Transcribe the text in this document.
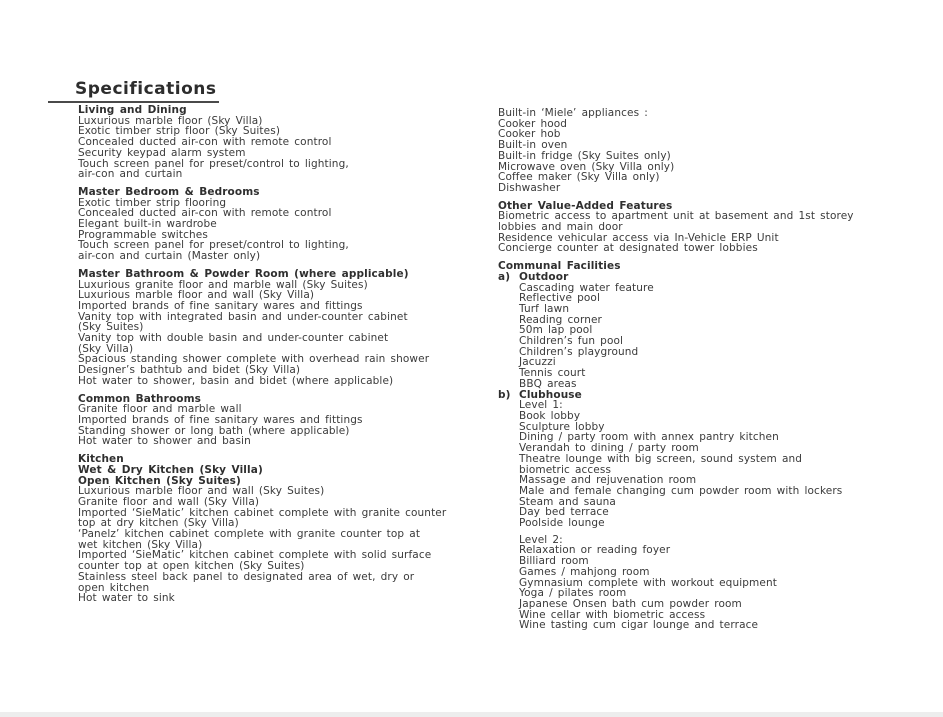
Specifications
Living and Dining
Luxurious marble floor (Sky Villa)
Exotic timber strip floor (Sky Suites)
Concealed ducted air-con with remote control
Security keypad alarm system
Touch screen panel for preset/control to lighting,
air-con and curtain
Master Bedroom & Bedrooms
Exotic timber strip flooring
Concealed ducted air-con with remote control
Elegant built-in wardrobe
Programmable switches
Touch screen panel for preset/control to lighting,
air-con and curtain (Master only)
Master Bathroom & Powder Room (where applicable)
Luxurious granite floor and marble wall (Sky Suites)
Luxurious marble floor and wall (Sky Villa)
Imported brands of fine sanitary wares and fittings
Vanity top with integrated basin and under-counter cabinet
(Sky Suites)
Vanity top with double basin and under-counter cabinet
(Sky Villa)
Spacious standing shower complete with overhead rain shower
Designer’s bathtub and bidet (Sky Villa)
Hot water to shower, basin and bidet (where applicable)
Common Bathrooms
Granite floor and marble wall
Imported brands of fine sanitary wares and fittings
Standing shower or long bath (where applicable)
Hot water to shower and basin
Kitchen
Wet & Dry Kitchen (Sky Villa)
Open Kitchen (Sky Suites)
Luxurious marble floor and wall (Sky Suites)
Granite floor and wall (Sky Villa)
Imported ‘SieMatic’ kitchen cabinet complete with granite counter
top at dry kitchen (Sky Villa)
‘Panelz’ kitchen cabinet complete with granite counter top at
wet kitchen (Sky Villa)
Imported ‘SieMatic’ kitchen cabinet complete with solid surface
counter top at open kitchen (Sky Suites)
Stainless steel back panel to designated area of wet, dry or
open kitchen
Hot water to sink
Built-in ‘Miele’ appliances :
Cooker hood
Cooker hob
Built-in oven
Built-in fridge (Sky Suites only)
Microwave oven (Sky Villa only)
Coffee maker (Sky Villa only)
Dishwasher
Other Value-Added Features
Biometric access to apartment unit at basement and 1st storey
lobbies and main door
Residence vehicular access via In-Vehicle ERP Unit
Concierge counter at designated tower lobbies
Communal Facilities
a) Outdoor
Cascading water feature
Reflective pool
Turf lawn
Reading corner
50m lap pool
Children’s fun pool
Children’s playground
Jacuzzi
Tennis court
BBQ areas
b) Clubhouse
Level 1:
Book lobby
Sculpture lobby
Dining / party room with annex pantry kitchen
Verandah to dining / party room
Theatre lounge with big screen, sound system and
biometric access
Massage and rejuvenation room
Male and female changing cum powder room with lockers
Steam and sauna
Day bed terrace
Poolside lounge
Level 2:
Relaxation or reading foyer
Billiard room
Games / mahjong room
Gymnasium complete with workout equipment
Yoga / pilates room
Japanese Onsen bath cum powder room
Wine cellar with biometric access
Wine tasting cum cigar lounge and terrace
